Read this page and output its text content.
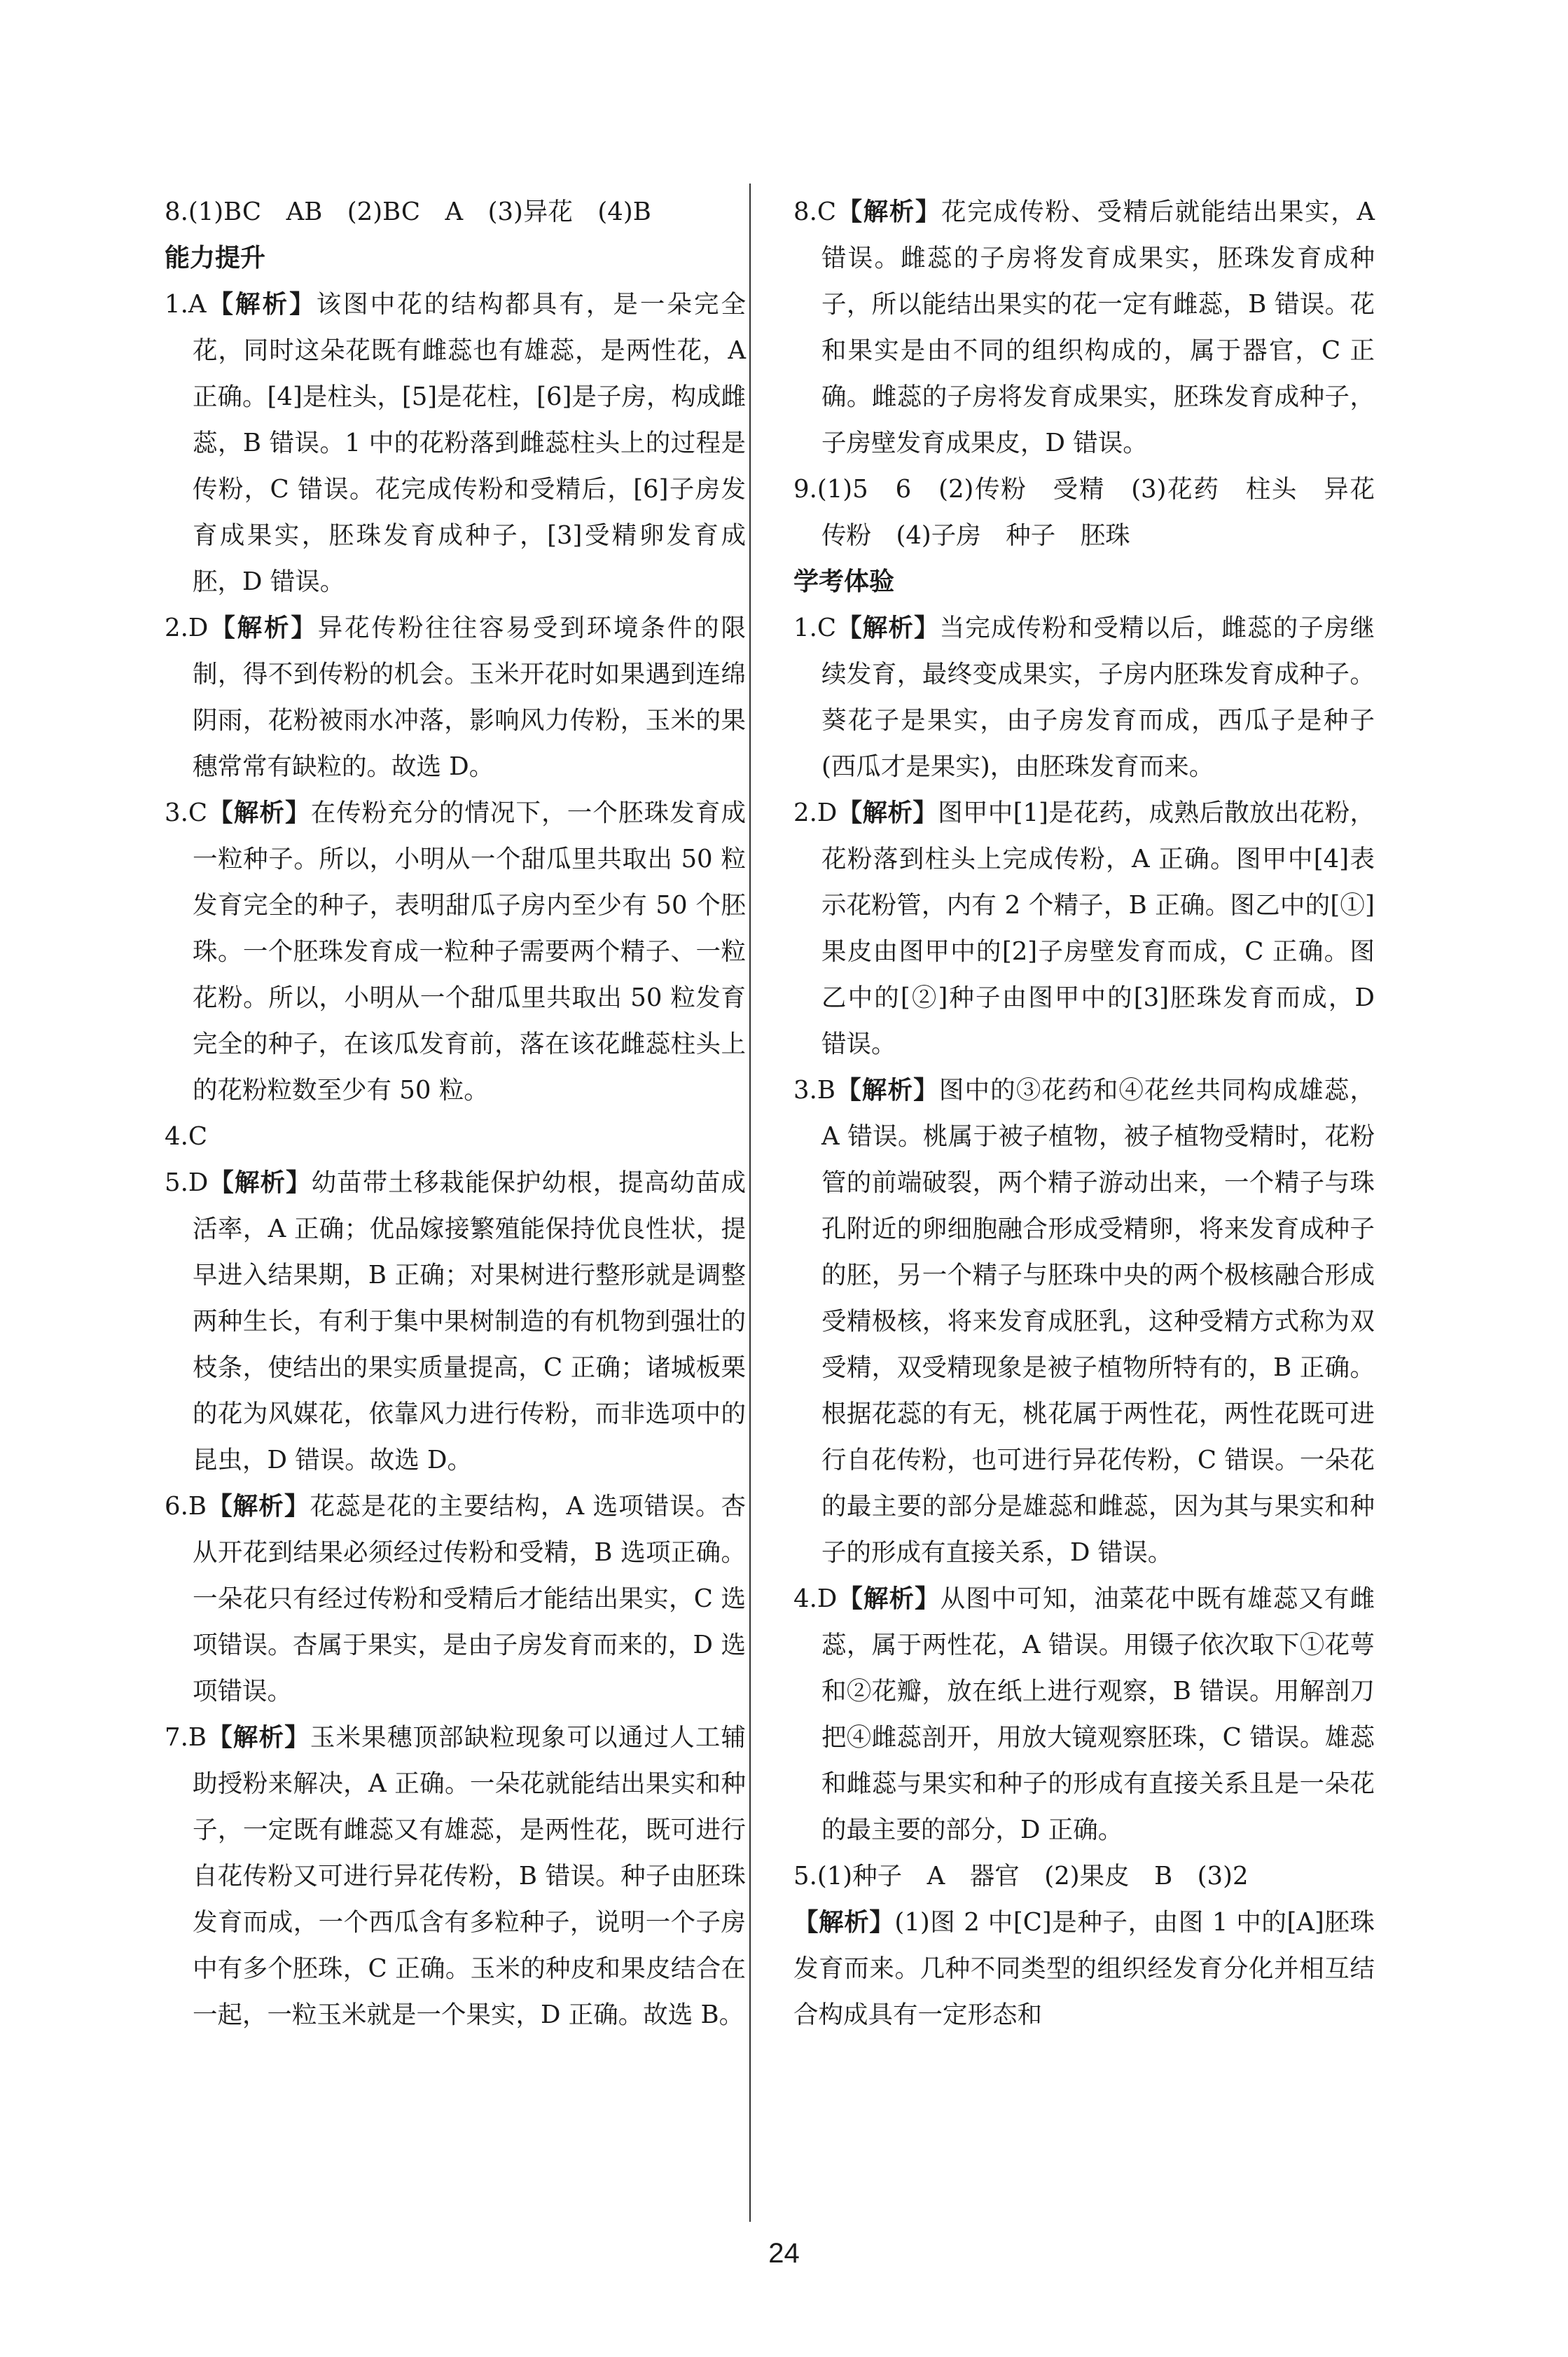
8.(1)BC　AB　(2)BC　A　(3)异花　(4)B

能力提升

1.A【解析】该图中花的结构都具有，是一朵完全花，同时这朵花既有雌蕊也有雄蕊，是两性花，A 正确。[4]是柱头，[5]是花柱，[6]是子房，构成雌蕊，B 错误。1 中的花粉落到雌蕊柱头上的过程是传粉，C 错误。花完成传粉和受精后，[6]子房发育成果实，胚珠发育成种子，[3]受精卵发育成胚，D 错误。

2.D【解析】异花传粉往往容易受到环境条件的限制，得不到传粉的机会。玉米开花时如果遇到连绵阴雨，花粉被雨水冲落，影响风力传粉，玉米的果穗常常有缺粒的。故选 D。

3.C【解析】在传粉充分的情况下，一个胚珠发育成一粒种子。所以，小明从一个甜瓜里共取出 50 粒发育完全的种子，表明甜瓜子房内至少有 50 个胚珠。一个胚珠发育成一粒种子需要两个精子、一粒花粉。所以，小明从一个甜瓜里共取出 50 粒发育完全的种子，在该瓜发育前，落在该花雌蕊柱头上的花粉粒数至少有 50 粒。

4.C

5.D【解析】幼苗带土移栽能保护幼根，提高幼苗成活率，A 正确；优品嫁接繁殖能保持优良性状，提早进入结果期，B 正确；对果树进行整形就是调整两种生长，有利于集中果树制造的有机物到强壮的枝条，使结出的果实质量提高，C 正确；诸城板栗的花为风媒花，依靠风力进行传粉，而非选项中的昆虫，D 错误。故选 D。

6.B【解析】花蕊是花的主要结构，A 选项错误。杏从开花到结果必须经过传粉和受精，B 选项正确。一朵花只有经过传粉和受精后才能结出果实，C 选项错误。杏属于果实，是由子房发育而来的，D 选项错误。

7.B【解析】玉米果穗顶部缺粒现象可以通过人工辅助授粉来解决，A 正确。一朵花就能结出果实和种子，一定既有雌蕊又有雄蕊，是两性花，既可进行自花传粉又可进行异花传粉，B 错误。种子由胚珠发育而成，一个西瓜含有多粒种子，说明一个子房中有多个胚珠，C 正确。玉米的种皮和果皮结合在一起，一粒玉米就是一个果实，D 正确。故选 B。

8.C【解析】花完成传粉、受精后就能结出果实，A 错误。雌蕊的子房将发育成果实，胚珠发育成种子，所以能结出果实的花一定有雌蕊，B 错误。花和果实是由不同的组织构成的，属于器官，C 正确。雌蕊的子房将发育成果实，胚珠发育成种子，子房壁发育成果皮，D 错误。

9.(1)5　6　(2)传粉　受精　(3)花药　柱头　异花传粉　(4)子房　种子　胚珠

学考体验

1.C【解析】当完成传粉和受精以后，雌蕊的子房继续发育，最终变成果实，子房内胚珠发育成种子。葵花子是果实，由子房发育而成，西瓜子是种子(西瓜才是果实)，由胚珠发育而来。

2.D【解析】图甲中[1]是花药，成熟后散放出花粉，花粉落到柱头上完成传粉，A 正确。图甲中[4]表示花粉管，内有 2 个精子，B 正确。图乙中的[①]果皮由图甲中的[2]子房壁发育而成，C 正确。图乙中的[②]种子由图甲中的[3]胚珠发育而成，D 错误。

3.B【解析】图中的③花药和④花丝共同构成雄蕊，A 错误。桃属于被子植物，被子植物受精时，花粉管的前端破裂，两个精子游动出来，一个精子与珠孔附近的卵细胞融合形成受精卵，将来发育成种子的胚，另一个精子与胚珠中央的两个极核融合形成受精极核，将来发育成胚乳，这种受精方式称为双受精，双受精现象是被子植物所特有的，B 正确。根据花蕊的有无，桃花属于两性花，两性花既可进行自花传粉，也可进行异花传粉，C 错误。一朵花的最主要的部分是雄蕊和雌蕊，因为其与果实和种子的形成有直接关系，D 错误。

4.D【解析】从图中可知，油菜花中既有雄蕊又有雌蕊，属于两性花，A 错误。用镊子依次取下①花萼和②花瓣，放在纸上进行观察，B 错误。用解剖刀把④雌蕊剖开，用放大镜观察胚珠，C 错误。雄蕊和雌蕊与果实和种子的形成有直接关系且是一朵花的最主要的部分，D 正确。

5.(1)种子　A　器官　(2)果皮　B　(3)2

【解析】(1)图 2 中[C]是种子，由图 1 中的[A]胚珠发育而来。几种不同类型的组织经发育分化并相互结合构成具有一定形态和

24
